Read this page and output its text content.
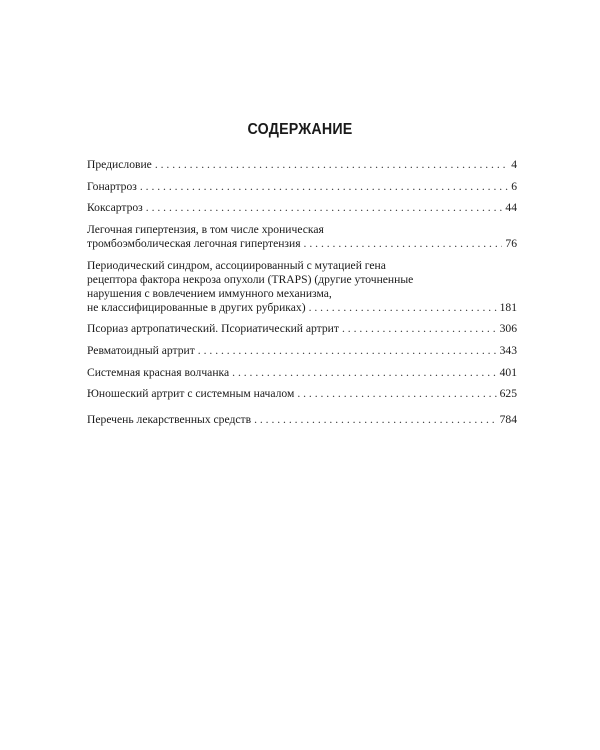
СОДЕРЖАНИЕ
Предисловие . . .	4
Гонартроз . . .	6
Коксартроз . . .	44
Легочная гипертензия, в том числе хроническая
тромбоэмболическая легочная гипертензия . . .	76
Периодический синдром, ассоциированный с мутацией гена
рецептора фактора некроза опухоли (TRAPS) (другие уточненные
нарушения с вовлечением иммунного механизма,
не классифицированные в других рубриках) . . .	181
Псориаз артропатический. Псориатический артрит . . .	306
Ревматоидный артрит . . .	343
Системная красная волчанка . . .	401
Юношеский артрит с системным началом . . .	625
Перечень лекарственных средств . . .	784
